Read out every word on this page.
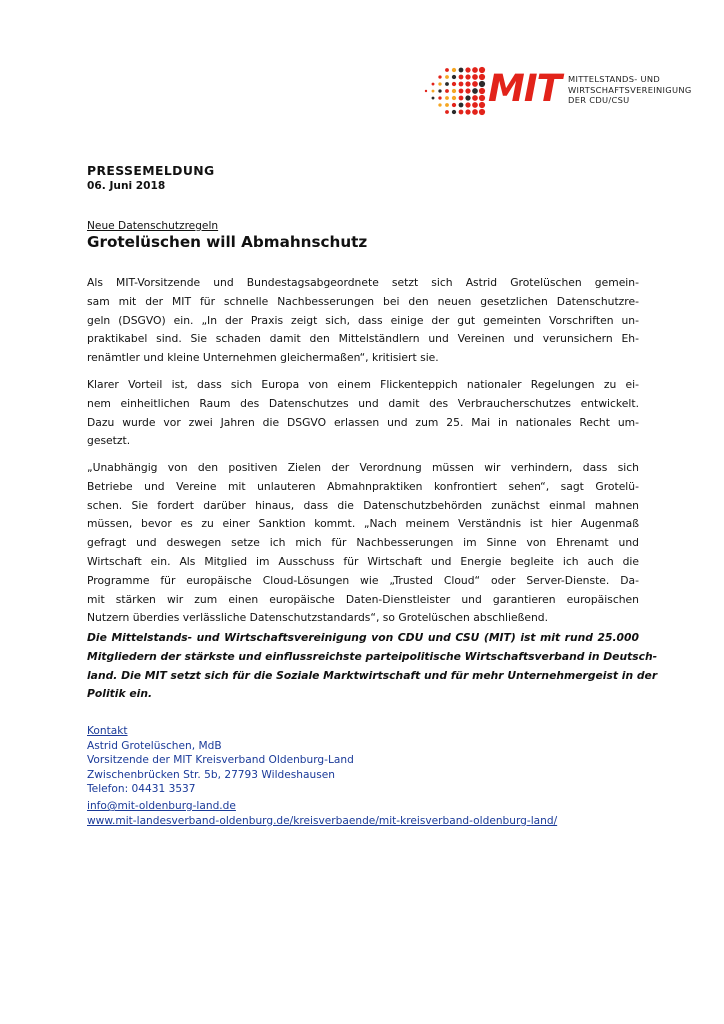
MIT MITTELSTANDS- UND
WIRTSCHAFTSVEREINIGUNG
DER CDU/CSU
PRESSEMELDUNG
06. Juni 2018
Neue Datenschutzregeln
Grotelüschen will Abmahnschutz
Als MIT-Vorsitzende und Bundestagsabgeordnete setzt sich Astrid Grotelüschen gemein-
sam mit der MIT für schnelle Nachbesserungen bei den neuen gesetzlichen Datenschutzre-
geln (DSGVO) ein. „In der Praxis zeigt sich, dass einige der gut gemeinten Vorschriften un-
praktikabel sind. Sie schaden damit den Mittelständlern und Vereinen und verunsichern Eh-
renämtler und kleine Unternehmen gleichermaßen“, kritisiert sie.
Klarer Vorteil ist, dass sich Europa von einem Flickenteppich nationaler Regelungen zu ei-
nem einheitlichen Raum des Datenschutzes und damit des Verbraucherschutzes entwickelt.
Dazu wurde vor zwei Jahren die DSGVO erlassen und zum 25. Mai in nationales Recht um-
gesetzt.
„Unabhängig von den positiven Zielen der Verordnung müssen wir verhindern, dass sich
Betriebe und Vereine mit unlauteren Abmahnpraktiken konfrontiert sehen“, sagt Grotelü-
schen. Sie fordert darüber hinaus, dass die Datenschutzbehörden zunächst einmal mahnen
müssen, bevor es zu einer Sanktion kommt. „Nach meinem Verständnis ist hier Augenmaß
gefragt und deswegen setze ich mich für Nachbesserungen im Sinne von Ehrenamt und
Wirtschaft ein. Als Mitglied im Ausschuss für Wirtschaft und Energie begleite ich auch die
Programme für europäische Cloud-Lösungen wie „Trusted Cloud“ oder Server-Dienste. Da-
mit stärken wir zum einen europäische Daten-Dienstleister und garantieren europäischen
Nutzern überdies verlässliche Datenschutzstandards“, so Grotelüschen abschließend.
Die Mittelstands- und Wirtschaftsvereinigung von CDU und CSU (MIT) ist mit rund 25.000
Mitgliedern der stärkste und einflussreichste parteipolitische Wirtschaftsverband in Deutsch-
land. Die MIT setzt sich für die Soziale Marktwirtschaft und für mehr Unternehmergeist in der
Politik ein.
Kontakt
Astrid Grotelüschen, MdB
Vorsitzende der MIT Kreisverband Oldenburg-Land
Zwischenbrücken Str. 5b, 27793 Wildeshausen
Telefon: 04431 3537
info@mit-oldenburg-land.de
www.mit-landesverband-oldenburg.de/kreisverbaende/mit-kreisverband-oldenburg-land/
